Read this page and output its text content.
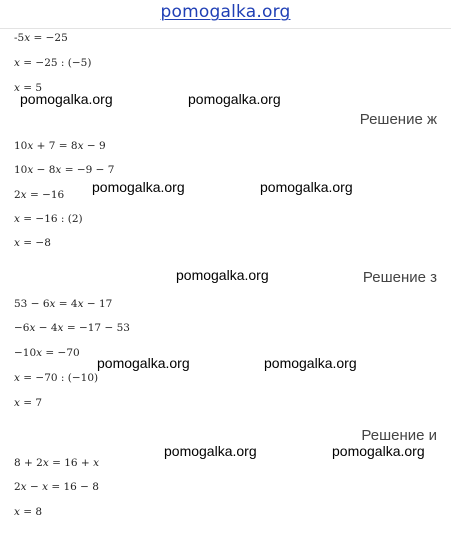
pomogalka.org
-5𝑥 = −25
𝑥 = −25 : (−5)
𝑥 = 5
pomogalka.org	pomogalka.org
Решение ж
10𝑥 + 7 = 8𝑥 − 9
10𝑥 − 8𝑥 = −9 − 7
2𝑥 = −16
𝑥 = −16 : (2)
𝑥 = −8
pomogalka.org	pomogalka.org
pomogalka.org	Решение з
53 − 6𝑥 = 4𝑥 − 17
−6𝑥 − 4𝑥 = −17 − 53
−10𝑥 = −70
𝑥 = −70 : (−10)
𝑥 = 7
pomogalka.org	pomogalka.org
Решение и
pomogalka.org	pomogalka.org
8 + 2𝑥 = 16 + 𝑥
2𝑥 − 𝑥 = 16 − 8
𝑥 = 8
